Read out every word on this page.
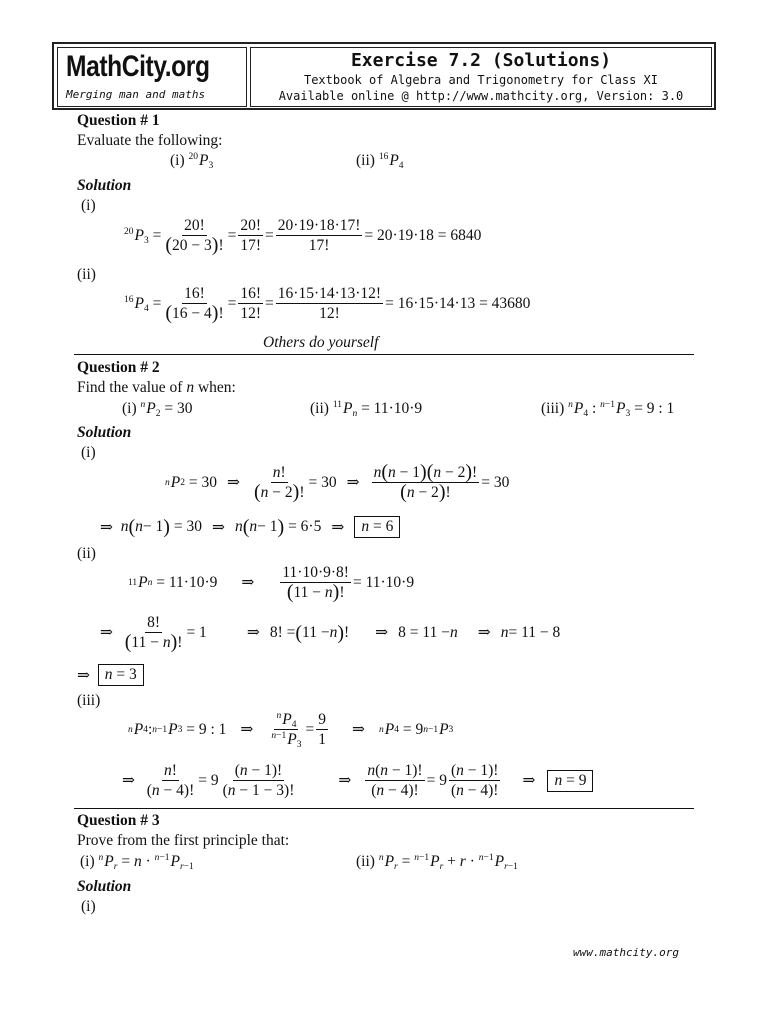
MathCity.org
Merging man and maths
Exercise 7.2 (Solutions)
Textbook of Algebra and Trigonometry for Class XI
Available online @ http://www.mathcity.org, Version: 3.0
Question # 1
Evaluate the following:
(i) $^{20}$P3	(ii) $^{16}$P4
Solution
(i)
$^{20}P3 = \frac{20!}{(20 - 3)!} = \frac{20!}{17!} = \frac{20\cdot 19\cdot 18\cdot 17!}{17!} = 20\cdot 19\cdot 18 = 6840$
(ii)
$^{16}P4 = \frac{16!}{(16 - 4)!} = \frac{16!}{12!} = \frac{16\cdot 15\cdot 14\cdot 13\cdot 12!}{12!} = 16\cdot 15\cdot 14\cdot 13 = 43680$
Others do yourself
Question # 2
Find the value of n when:
(i) $^n$P2 = 30	(ii) $^{11}$Pn = 11·10·9	(iii) $^n$P4 : $^{n-1}$P3 = 9 : 1
Solution
(i)
n P 2 = 30 ⇒ $\frac{n!}{(n - 2)!} = 30$ ⇒ $\frac{n(n - 1)(n - 2)!}{(n - 2)!} = 30$
⇒ n ( n − 1 ) = 30 ⇒ n ( n − 1 ) = 6·5 ⇒	n = 6
(ii)
11 P n = 11·10·9 ⇒ $\frac{11\cdot 10\cdot 9\cdot 8!}{(11 - n)!} = 11\cdot 10\cdot 9$
⇒ $\frac{8!}{(11 - n)!} = 1$	⇒ 8! = ( 11 − n ) ! ⇒ 8 = 11 − n ⇒ n = 11 − 8
⇒ n = 3
(iii)
n P 4 : n−1 P 3 = 9 : 1 ⇒ $\frac{^nP4}{^{n-1}P3} = \frac{9}{1}$ ⇒ n P 4 = 9 n−1 P 3
⇒ $\frac{n!}{(n - 4)!} = 9 \frac{(n - 1)!}{(n - 1 - 3)!}$	⇒ $\frac{n(n - 1)!}{(n - 4)!} = 9 \frac{(n - 1)!}{(n - 4)!}$ ⇒	n = 9
Question # 3
Prove from the first principle that:
(i) $^n$Pr = n · $^{n-1}$Pr−1	(ii) $^n$Pr = $^{n-1}$Pr + r · $^{n-1}$Pr−1
Solution
(i)
www.mathcity.org
